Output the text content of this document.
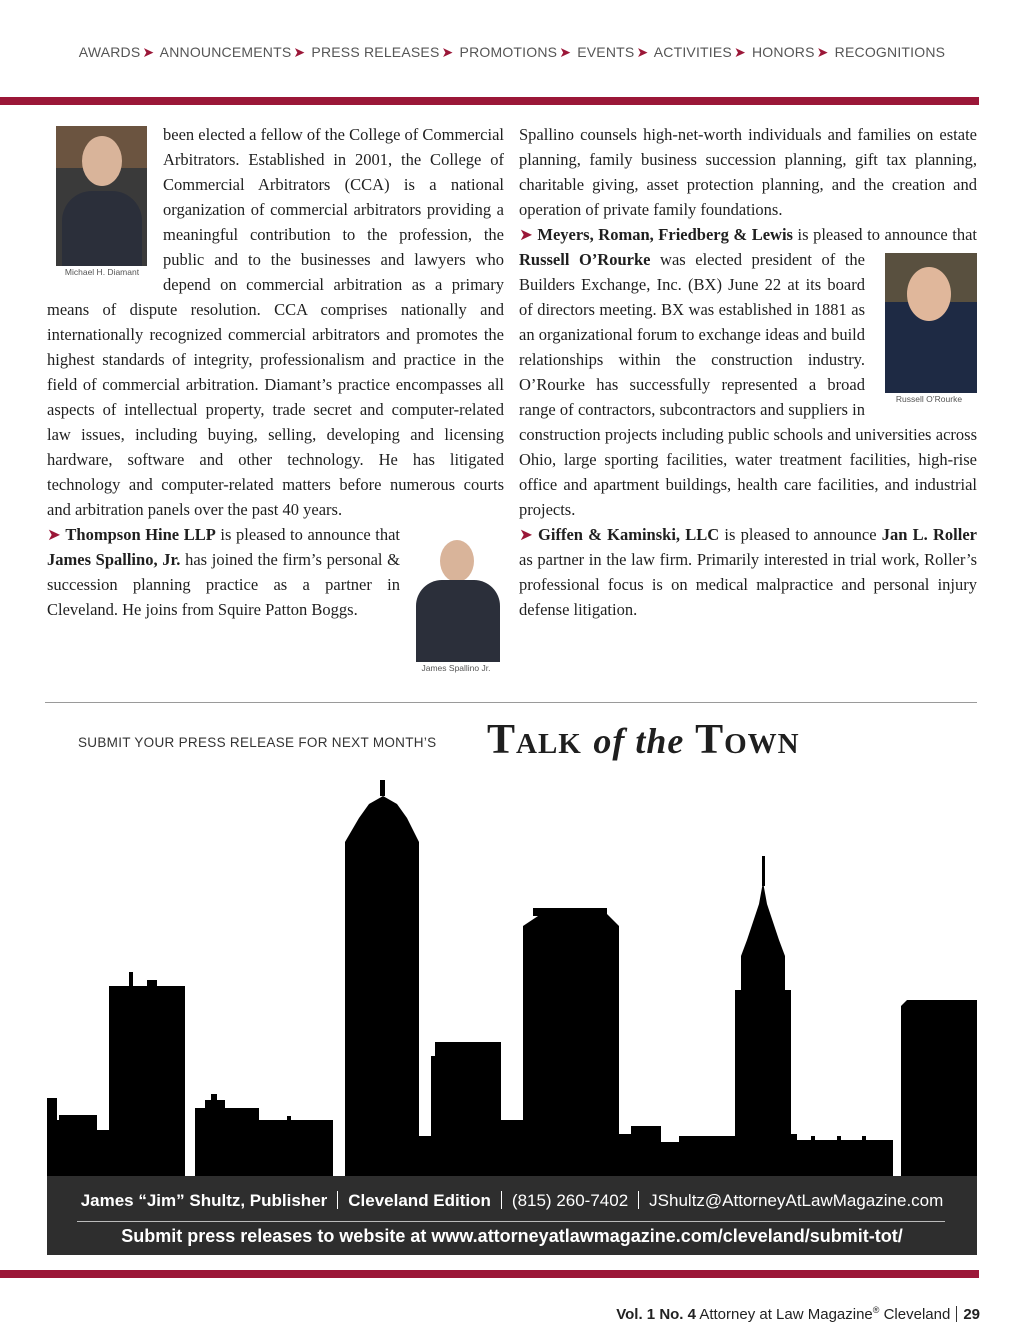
AWARDS ➤ ANNOUNCEMENTS ➤ PRESS RELEASES ➤ PROMOTIONS ➤ EVENTS ➤ ACTIVITIES ➤ HONORS ➤ RECOGNITIONS
Michael H. Diamant

been elected a fellow of the College of Commercial Arbitrators. Established in 2001, the College of Commercial Arbitrators (CCA) is a national organization of commercial arbitrators providing a meaningful contribution to the profession, the public and to the businesses and lawyers who depend on commercial arbitration as a primary means of dispute resolution. CCA comprises nationally and internationally recognized commercial arbitrators and promotes the highest standards of integrity, professionalism and practice in the field of commercial arbitration. Diamant’s practice encompasses all aspects of intellectual property, trade secret and computer-related law issues, including buying, selling, developing and licensing hardware, software and other technology. He has litigated technology and computer-related matters before numerous courts and arbitration panels over the past 40 years.

James Spallino Jr.

➤ Thompson Hine LLP is pleased to announce that James Spallino, Jr. has joined the firm’s personal & succession planning practice as a partner in Cleveland. He joins from Squire Patton Boggs.

Spallino counsels high-net-worth individuals and families on estate planning, family business succession planning, gift tax planning, charitable giving, asset protection planning, and the creation and operation of private family foundations.

➤ Meyers, Roman, Friedberg & Lewis is pleased to announce that Russell O’Rourke
Russell O’Rourke
was elected president of the Builders Exchange, Inc. (BX) June 22 at its board of directors meeting. BX was established in 1881 as an organizational forum to exchange ideas and build relationships within the construction industry. O’Rourke has successfully represented a broad range of contractors, subcontractors and suppliers in construction projects including public schools and universities across Ohio, large sporting facilities, water treatment facilities, high-rise office and apartment buildings, health care facilities, and industrial projects.

➤ Giffen & Kaminski, LLC is pleased to announce Jan L. Roller as partner in the law firm. Primarily interested in trial work, Roller’s professional focus is on medical malpractice and personal injury defense litigation.

SUBMIT YOUR PRESS RELEASE FOR NEXT MONTH’S Talk of the Town
James “Jim” Shultz, Publisher Cleveland Edition (815) 260-7402 JShultz@AttorneyAtLawMagazine.com
Submit press releases to website at www.attorneyatlawmagazine.com/cleveland/submit-tot/
Vol. 1 No. 4 Attorney at Law Magazine® Cleveland 29
